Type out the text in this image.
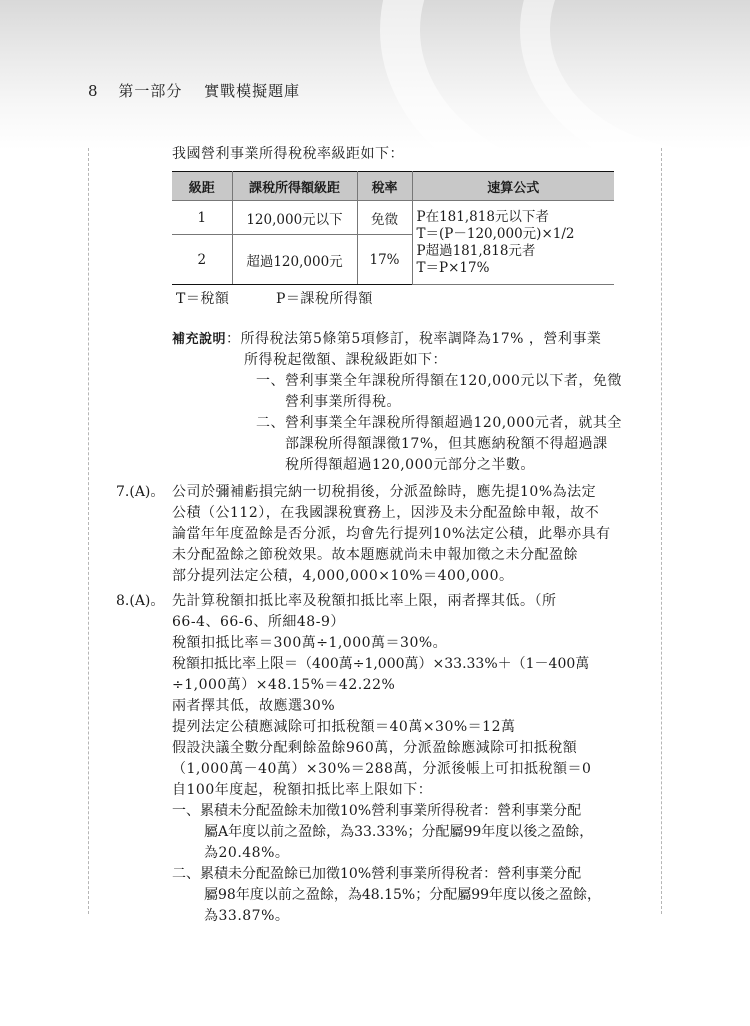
8 第一部分 實戰模擬題庫
我國營利事業所得稅稅率級距如下：
級距	課稅所得額級距	稅率	速算公式
1	120,000元以下	免徵	P在181,818元以下者
T＝(P－120,000元)×1/2
P超過181,818元者
T＝P×17%

2	超過120,000元	17%	
T＝稅額	P＝課稅所得額
補充說明：所得稅法第5條第5項修訂，稅率調降為17% ，營利事業
所得稅起徵額、課稅級距如下：
一、營利事業全年課稅所得額在120,000元以下者，免徵
營利事業所得稅。
二、營利事業全年課稅所得額超過120,000元者，就其全
部課稅所得額課徵17%，但其應納稅額不得超過課
稅所得額超過120,000元部分之半數。
7.(A)。 公司於彌補虧損完納一切稅捐後，分派盈餘時，應先提10%為法定
公積（公112），在我國課稅實務上，因涉及未分配盈餘申報，故不
論當年年度盈餘是否分派，均會先行提列10%法定公積，此舉亦具有
未分配盈餘之節稅效果。故本題應就尚未申報加徵之未分配盈餘
部分提列法定公積，4,000,000×10%＝400,000。
8.(A)。 先計算稅額扣抵比率及稅額扣抵比率上限，兩者擇其低。（所
66-4、66-6、所細48-9）
稅額扣抵比率＝300萬÷1,000萬＝30%。
稅額扣抵比率上限＝（400萬÷1,000萬）×33.33%＋（1－400萬
÷1,000萬）×48.15%＝42.22%
兩者擇其低，故應選30%
提列法定公積應減除可扣抵稅額＝40萬×30%＝12萬
假設決議全數分配剩餘盈餘960萬，分派盈餘應減除可扣抵稅額
（1,000萬－40萬）×30%＝288萬，分派後帳上可扣抵稅額＝0
自100年度起，稅額扣抵比率上限如下：
一、累積未分配盈餘未加徵10%營利事業所得稅者：營利事業分配
屬A年度以前之盈餘，為33.33%；分配屬99年度以後之盈餘，
為20.48%。
二、累積未分配盈餘已加徵10%營利事業所得稅者：營利事業分配
屬98年度以前之盈餘，為48.15%；分配屬99年度以後之盈餘，
為33.87%。
